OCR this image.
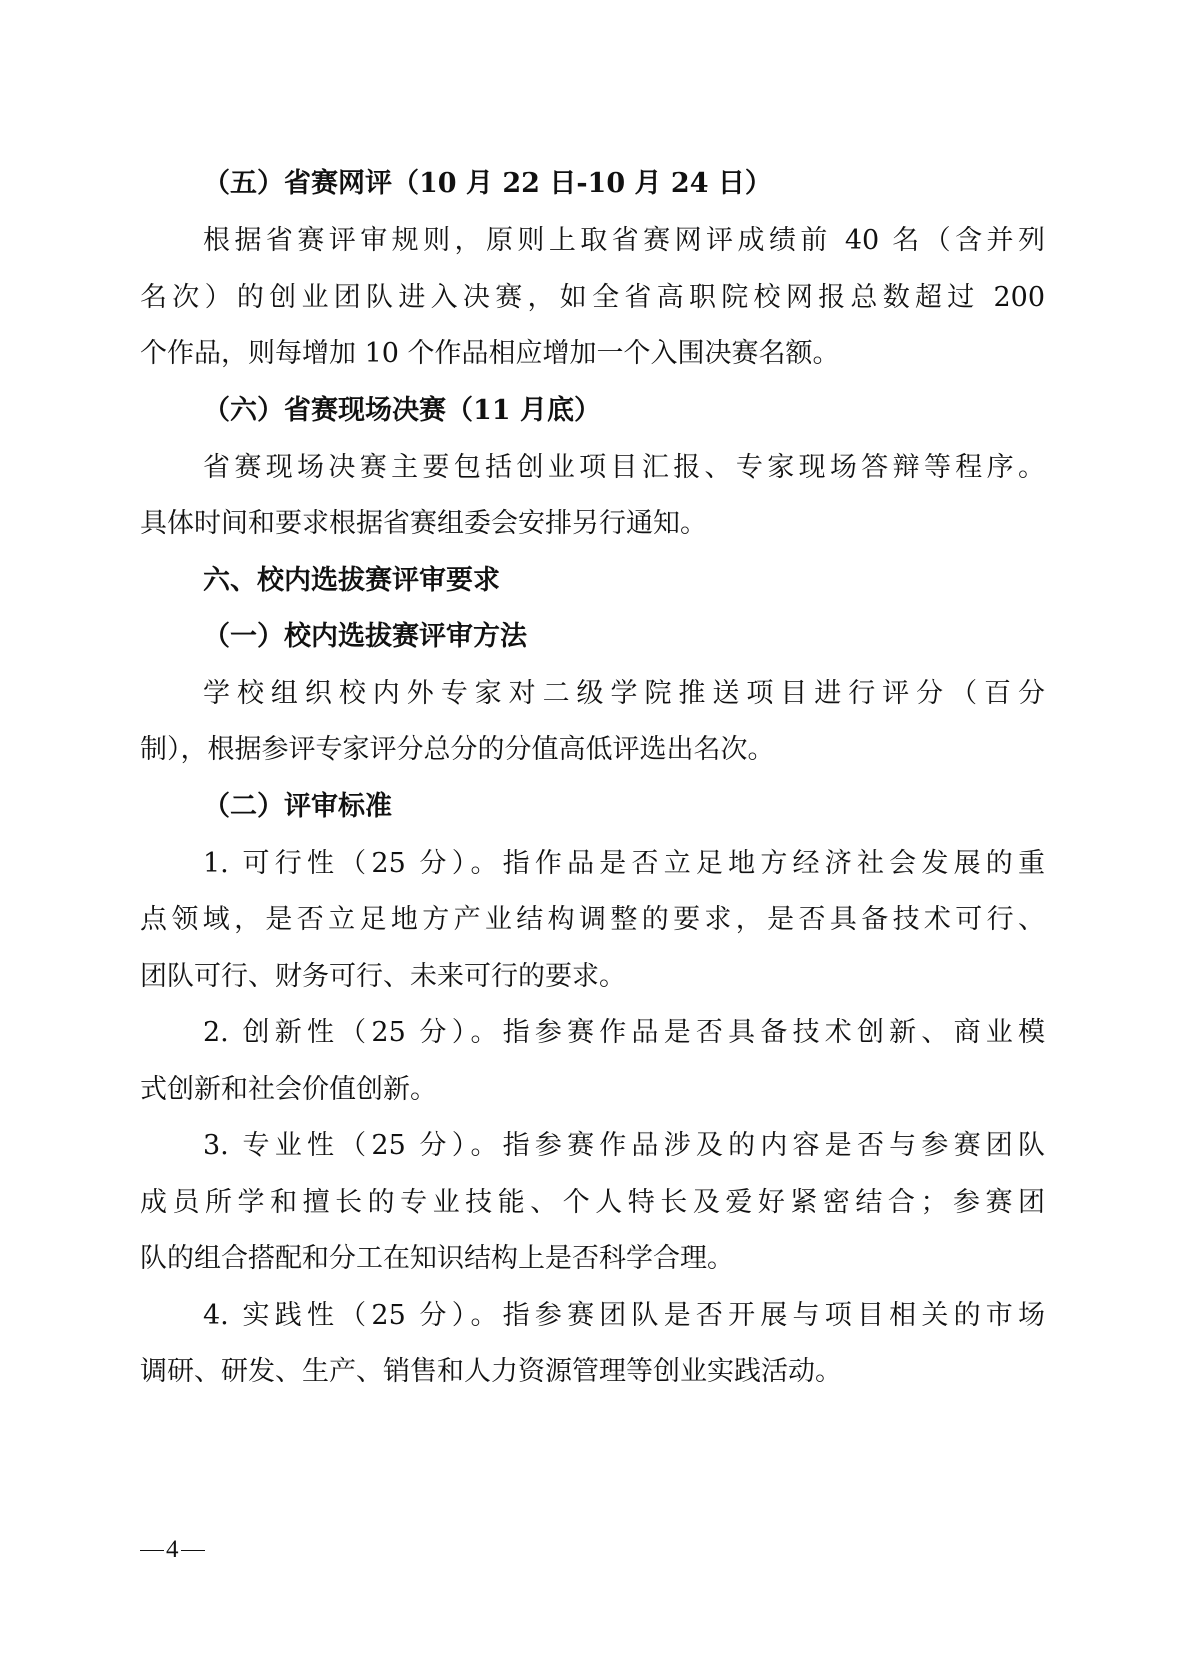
（五）省赛网评（10 月 22 日-10 月 24 日）
根据省赛评审规则，原则上取省赛网评成绩前 40 名（含并列
名次）的创业团队进入决赛，如全省高职院校网报总数超过 200
个作品，则每增加 10 个作品相应增加一个入围决赛名额。
（六）省赛现场决赛（11 月底）
省赛现场决赛主要包括创业项目汇报、专家现场答辩等程序。
具体时间和要求根据省赛组委会安排另行通知。
六、校内选拔赛评审要求
（一）校内选拔赛评审方法
学校组织校内外专家对二级学院推送项目进行评分（百分
制），根据参评专家评分总分的分值高低评选出名次。
（二）评审标准
1. 可行性（25 分）。指作品是否立足地方经济社会发展的重
点领域，是否立足地方产业结构调整的要求，是否具备技术可行、
团队可行、财务可行、未来可行的要求。
2. 创新性（25 分）。指参赛作品是否具备技术创新、商业模
式创新和社会价值创新。
3. 专业性（25 分）。指参赛作品涉及的内容是否与参赛团队
成员所学和擅长的专业技能、个人特长及爱好紧密结合；参赛团
队的组合搭配和分工在知识结构上是否科学合理。
4. 实践性（25 分）。指参赛团队是否开展与项目相关的市场
调研、研发、生产、销售和人力资源管理等创业实践活动。
4
